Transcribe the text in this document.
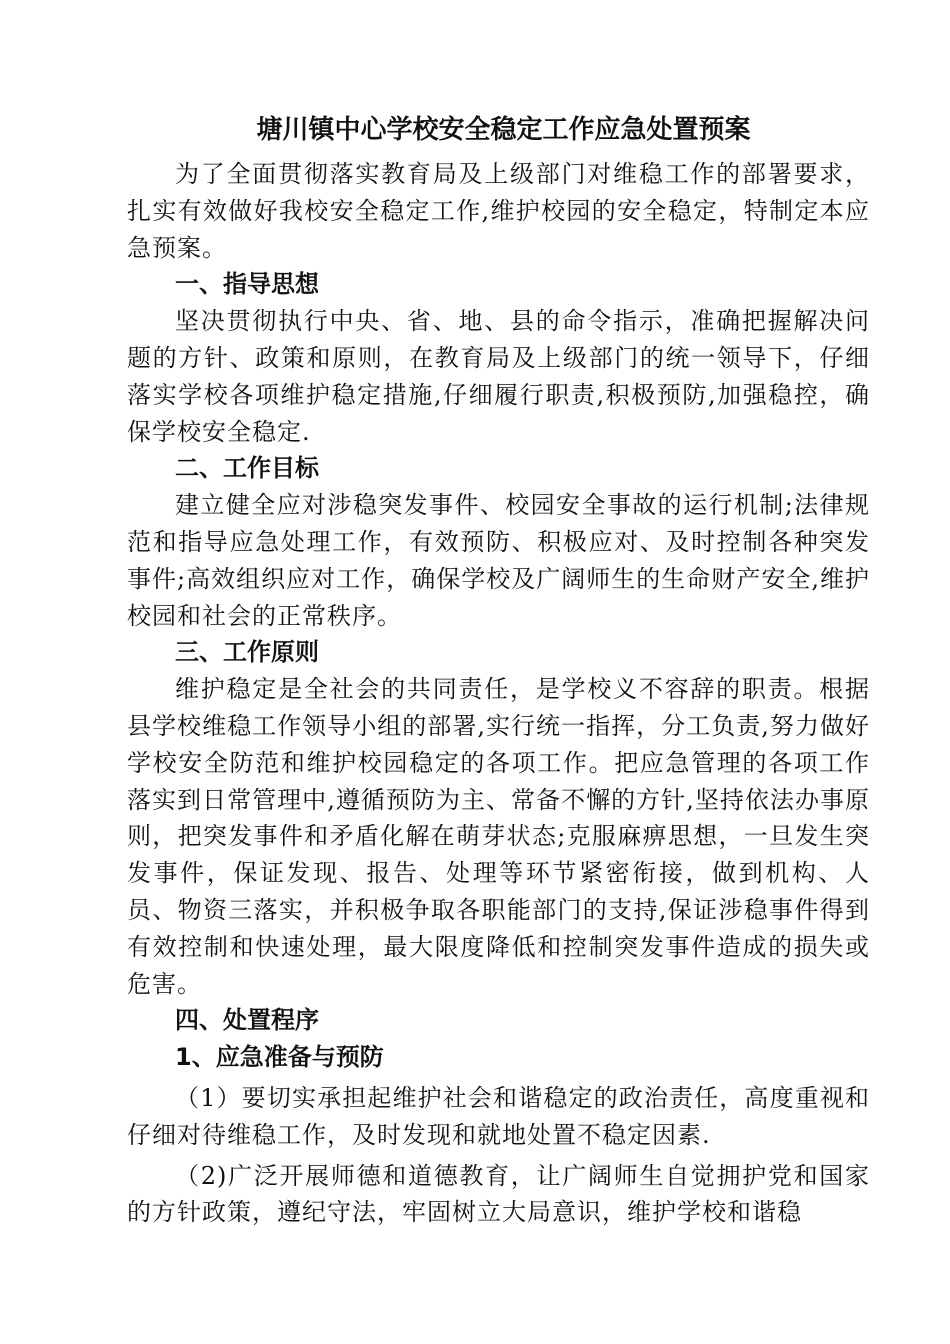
塘川镇中心学校安全稳定工作应急处置预案

为了全面贯彻落实教育局及上级部门对维稳工作的部署要求，扎实有效做好我校安全稳定工作,维护校园的安全稳定，特制定本应急预案。

一、指导思想

坚决贯彻执行中央、省、地、县的命令指示，准确把握解决问题的方针、政策和原则，在教育局及上级部门的统一领导下，仔细落实学校各项维护稳定措施,仔细履行职责,积极预防,加强稳控，确保学校安全稳定.

二、工作目标

建立健全应对涉稳突发事件、校园安全事故的运行机制;法律规范和指导应急处理工作，有效预防、积极应对、及时控制各种突发事件;高效组织应对工作，确保学校及广阔师生的生命财产安全,维护校园和社会的正常秩序。

三、工作原则

维护稳定是全社会的共同责任，是学校义不容辞的职责。根据县学校维稳工作领导小组的部署,实行统一指挥，分工负责,努力做好学校安全防范和维护校园稳定的各项工作。把应急管理的各项工作落实到日常管理中,遵循预防为主、常备不懈的方针,坚持依法办事原则，把突发事件和矛盾化解在萌芽状态;克服麻痹思想，一旦发生突发事件，保证发现、报告、处理等环节紧密衔接，做到机构、人员、物资三落实，并积极争取各职能部门的支持,保证涉稳事件得到有效控制和快速处理，最大限度降低和控制突发事件造成的损失或危害。

四、处置程序

1、应急准备与预防

（1）要切实承担起维护社会和谐稳定的政治责任，高度重视和仔细对待维稳工作，及时发现和就地处置不稳定因素.

（2)广泛开展师德和道德教育，让广阔师生自觉拥护党和国家的方针政策，遵纪守法，牢固树立大局意识，维护学校和谐稳
